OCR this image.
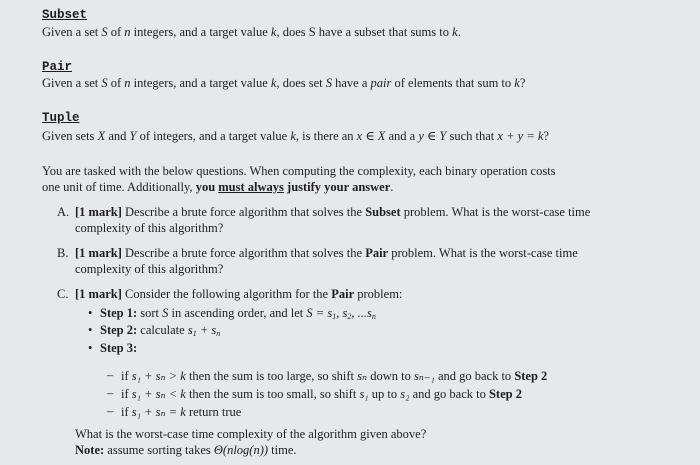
Subset
Given a set S of n integers, and a target value k, does S have a subset that sums to k.
Pair
Given a set S of n integers, and a target value k, does set S have a pair of elements that sum to k?
Tuple
Given sets X and Y of integers, and a target value k, is there an x ∈ X and a y ∈ Y such that x + y = k?
You are tasked with the below questions. When computing the complexity, each binary operation costs
one unit of time. Additionally, you must always justify your answer.
A. [1 mark] Describe a brute force algorithm that solves the Subset problem. What is the worst-case time
complexity of this algorithm?
B. [1 mark] Describe a brute force algorithm that solves the Pair problem. What is the worst-case time
complexity of this algorithm?
C. [1 mark] Consider the following algorithm for the Pair problem:
• Step 1: sort S in ascending order, and let $S = s_1$, $s_2$, $...s_n$
• Step 2: calculate $s_1 + s_n$
• Step 3:
– if s₁ + sₙ > k then the sum is too large, so shift sₙ down to sₙ₋₁ and go back to Step 2
– if s₁ + sₙ < k then the sum is too small, so shift s₁ up to s₂ and go back to Step 2
– if s₁ + sₙ = k return true
What is the worst-case time complexity of the algorithm given above?
Note: assume sorting takes Θ(nlog(n)) time.
